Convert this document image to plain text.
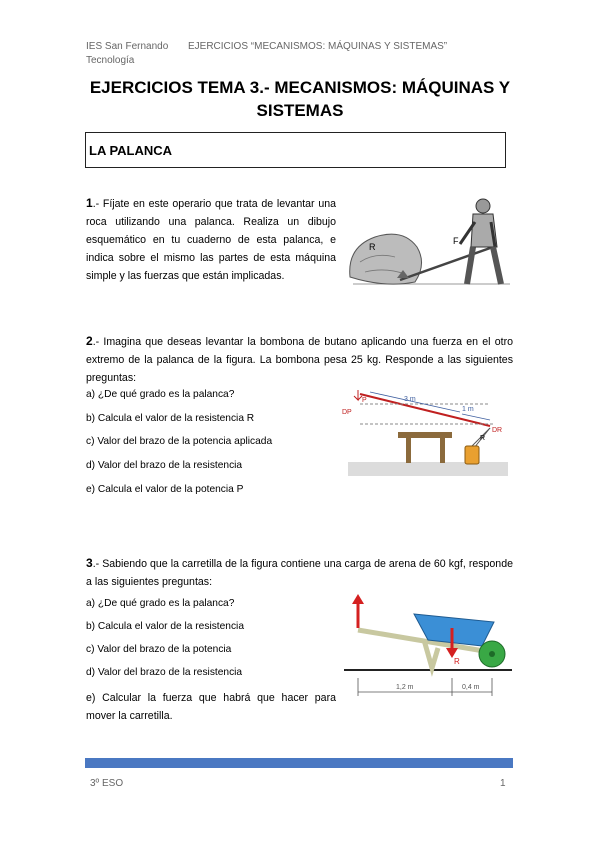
IES San Fernando
Tecnología
EJERCICIOS “MECANISMOS: MÁQUINAS Y SISTEMAS”
EJERCICIOS TEMA 3.- MECANISMOS: MÁQUINAS Y
SISTEMAS
LA PALANCA
1.- Fíjate en este operario que trata de levantar una roca utilizando una palanca. Realiza un dibujo esquemático en tu cuaderno de esta palanca, e indica sobre el mismo las partes de esta máquina simple y las fuerzas que están implicadas.
R
F
2.- Imagina que deseas levantar la bombona de butano aplicando una fuerza en el otro extremo de la palanca de la figura. La bombona pesa 25 kg. Responde a las siguientes preguntas:
a) ¿De qué grado es la palanca?
b) Calcula el valor de la resistencia R
c) Valor del brazo de la potencia aplicada
d) Valor del brazo de la resistencia
e) Calcula el valor de la potencia P
DP
P	3 m
1 m
DR
R
3.- Sabiendo que la carretilla de la figura contiene una carga de arena de 60 kgf, responde a las siguientes preguntas:
a) ¿De qué grado es la palanca?
b) Calcula el valor de la resistencia
c) Valor del brazo de la potencia
d) Valor del brazo de la resistencia
e) Calcular la fuerza que habrá que hacer para mover la carretilla.
R
1,2 m	0,4 m
3º ESO	1
